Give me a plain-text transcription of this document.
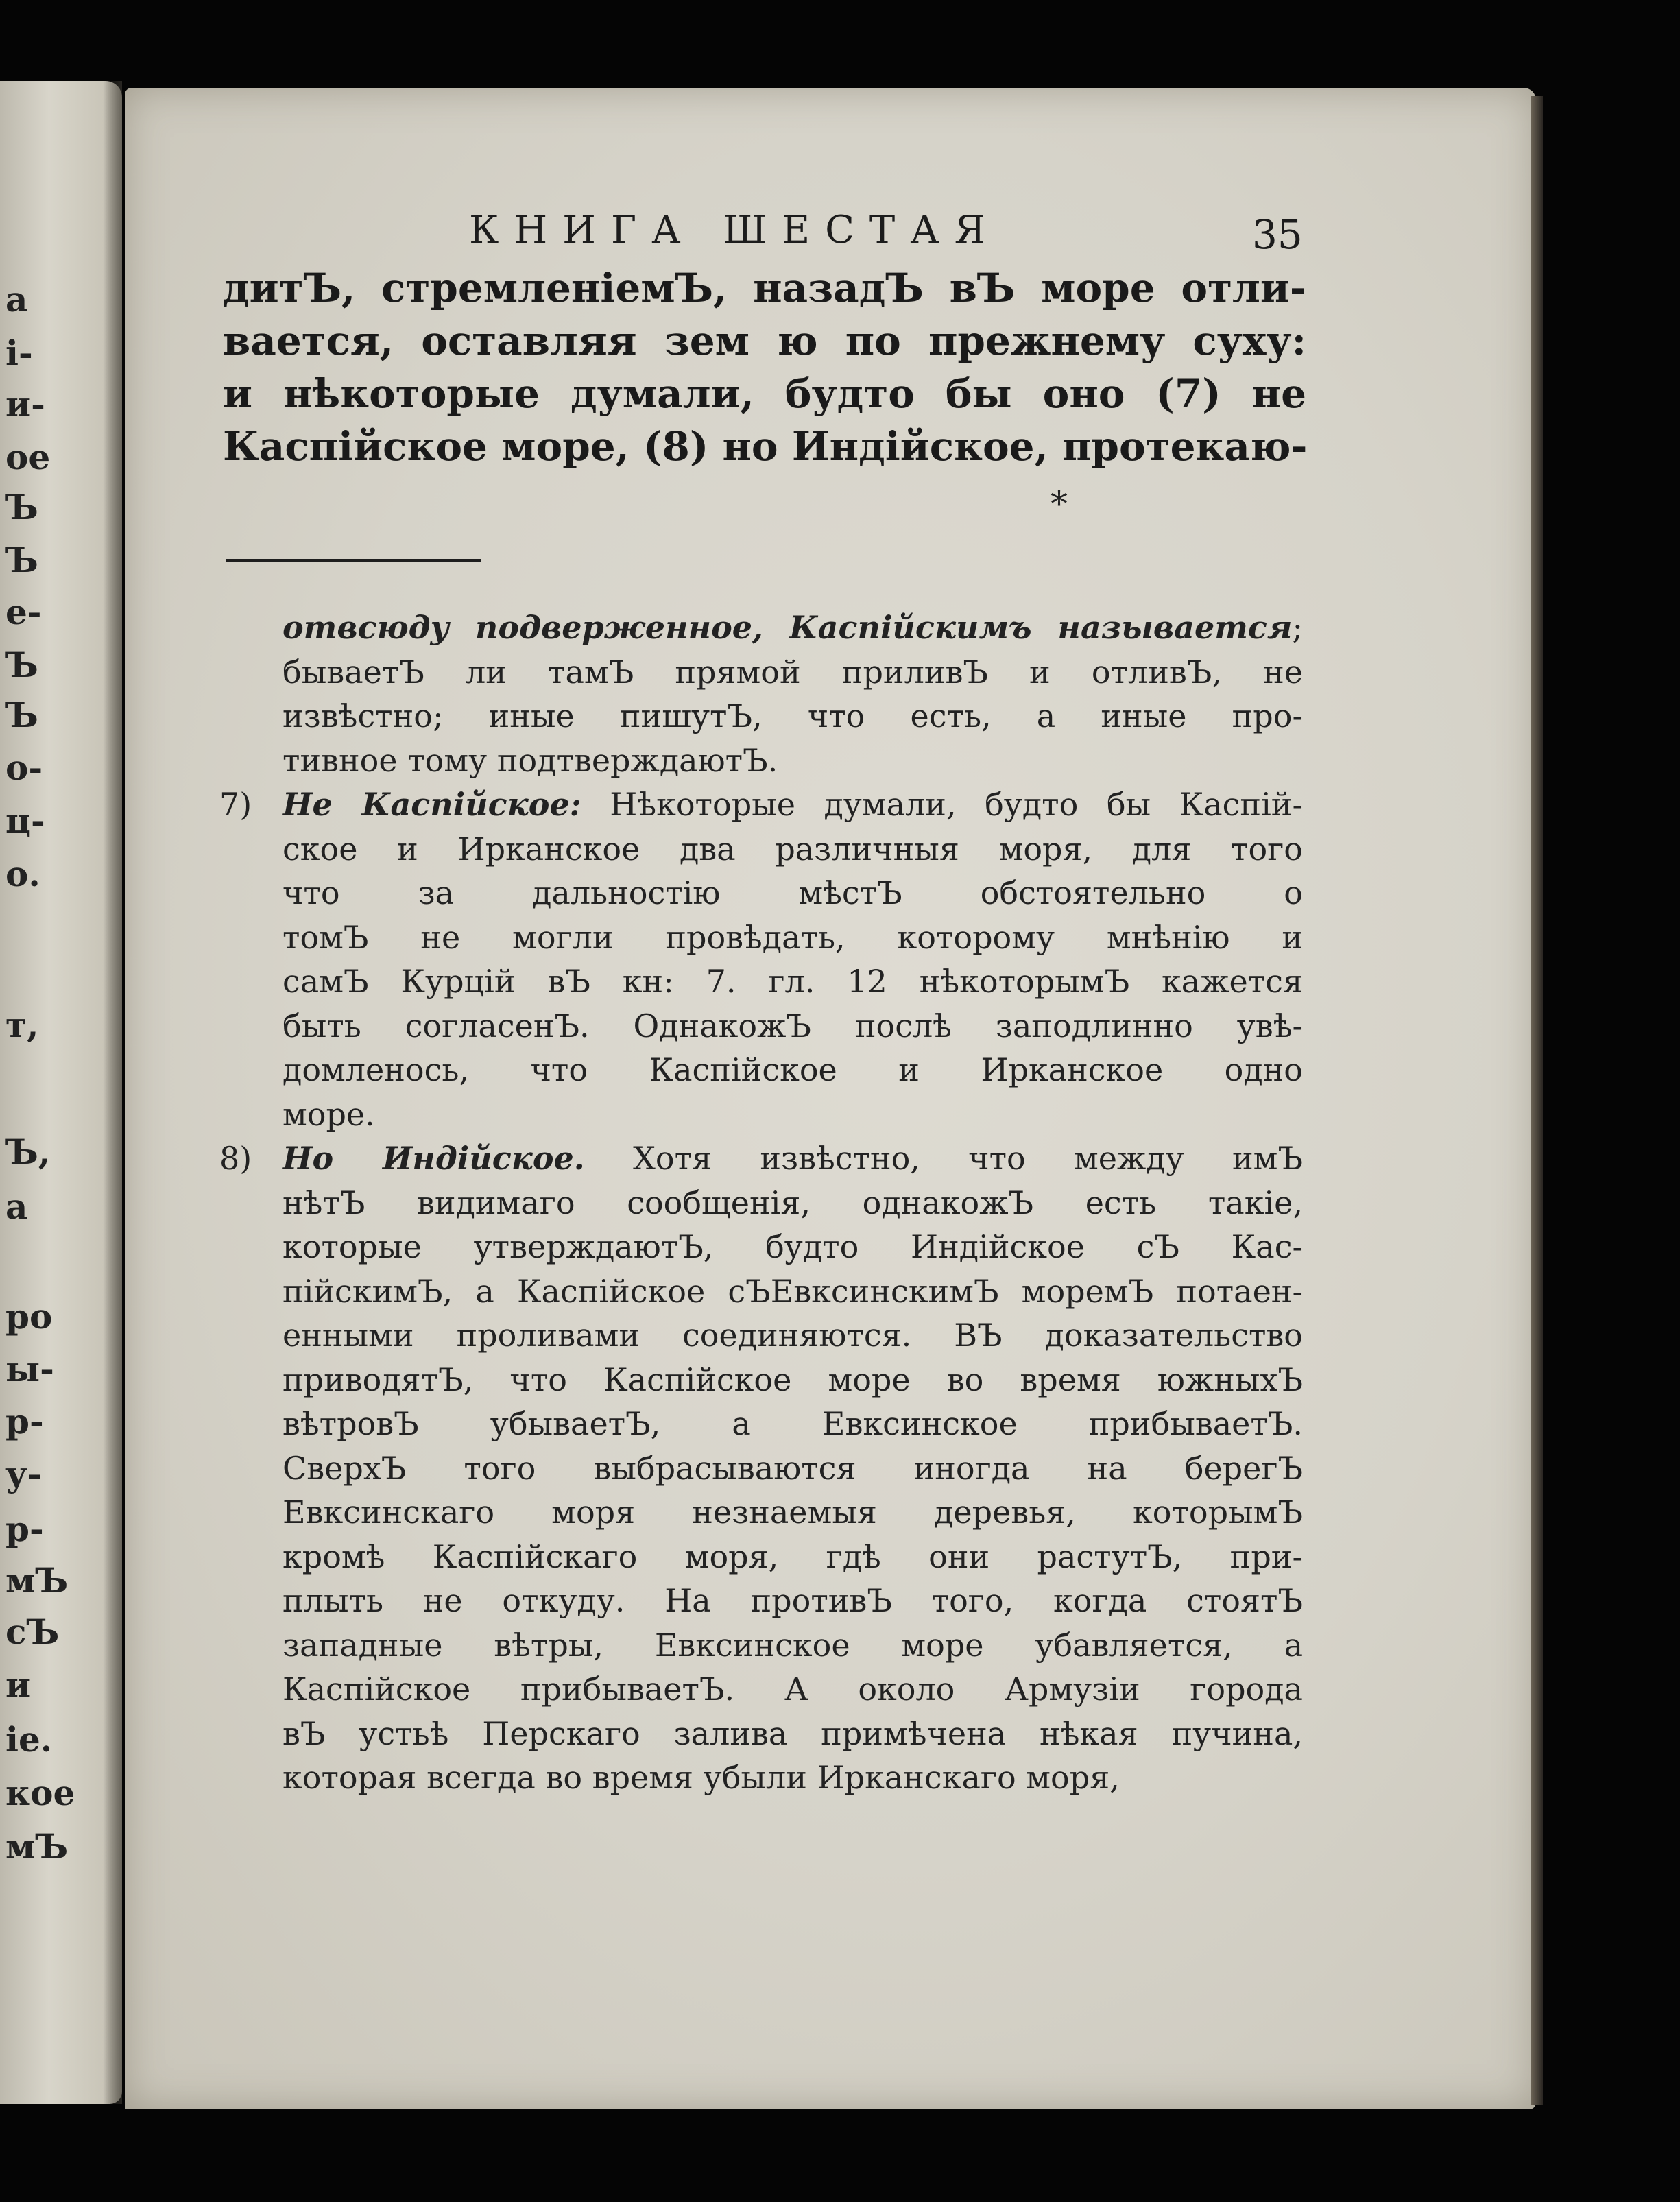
а
і-
и-
ое
Ъ
Ъ
е-
Ъ
Ъ
о-
ц-
о.
т,
Ъ,
а
ро
ы-
р-
у-
р-
мЪ
сЪ
и
іе.
кое
мЪ
КНИГА ШЕСТАЯ	35
дитЪ, стремленіемЪ, назадЪ вЪ море отли-
вается, оставляя зем ю по прежнему суху:
и нѣкоторые думали, будто бы оно (7) не
Каспійское море, (8) но Индійское, протекаю-
*
отвсюду подверженное, Каспійскимъ называется;
бываетЪ ли тамЪ прямой приливЪ и отливЪ, не
извѣстно; иные пишутЪ, что есть, а иные про-
тивное тому подтверждаютЪ.
7) Не Каспійское: Нѣкоторые думали, будто бы Каспій-
ское и Ирканское два различныя моря, для того
что за дальностію мѣстЪ обстоятельно о
томЪ не могли провѣдать, которому мнѣнію и
самЪ Курцій вЪ кн: 7. гл. 12 нѣкоторымЪ кажется
быть согласенЪ. ОднакожЪ послѣ заподлинно увѣ-
домленось, что Каспійское и Ирканское одно
море.
8) Но Индійское. Хотя извѣстно, что между имЪ
нѣтЪ видимаго сообщенія, однакожЪ есть такіе,
которые утверждаютЪ, будто Индійское сЪ Кас-
пійскимЪ, а Каспійское сЪЕвксинскимЪ моремЪ потаен-
енными проливами соединяются. ВЪ доказательство
приводятЪ, что Каспійское море во время южныхЪ
вѣтровЪ убываетЪ, а Евксинское прибываетЪ.
СверхЪ того выбрасываются иногда на берегЪ
Евксинскаго моря незнаемыя деревья, которымЪ
кромѣ Каспійскаго моря, гдѣ они растутЪ, при-
плыть не откуду. На противЪ того, когда стоятЪ
западные вѣтры, Евксинское море убавляется, а
Каспійское прибываетЪ. А около Армузіи города
вЪ устьѣ Перскаго залива примѣчена нѣкая пучина,
которая всегда во время убыли Ирканскаго моря,
